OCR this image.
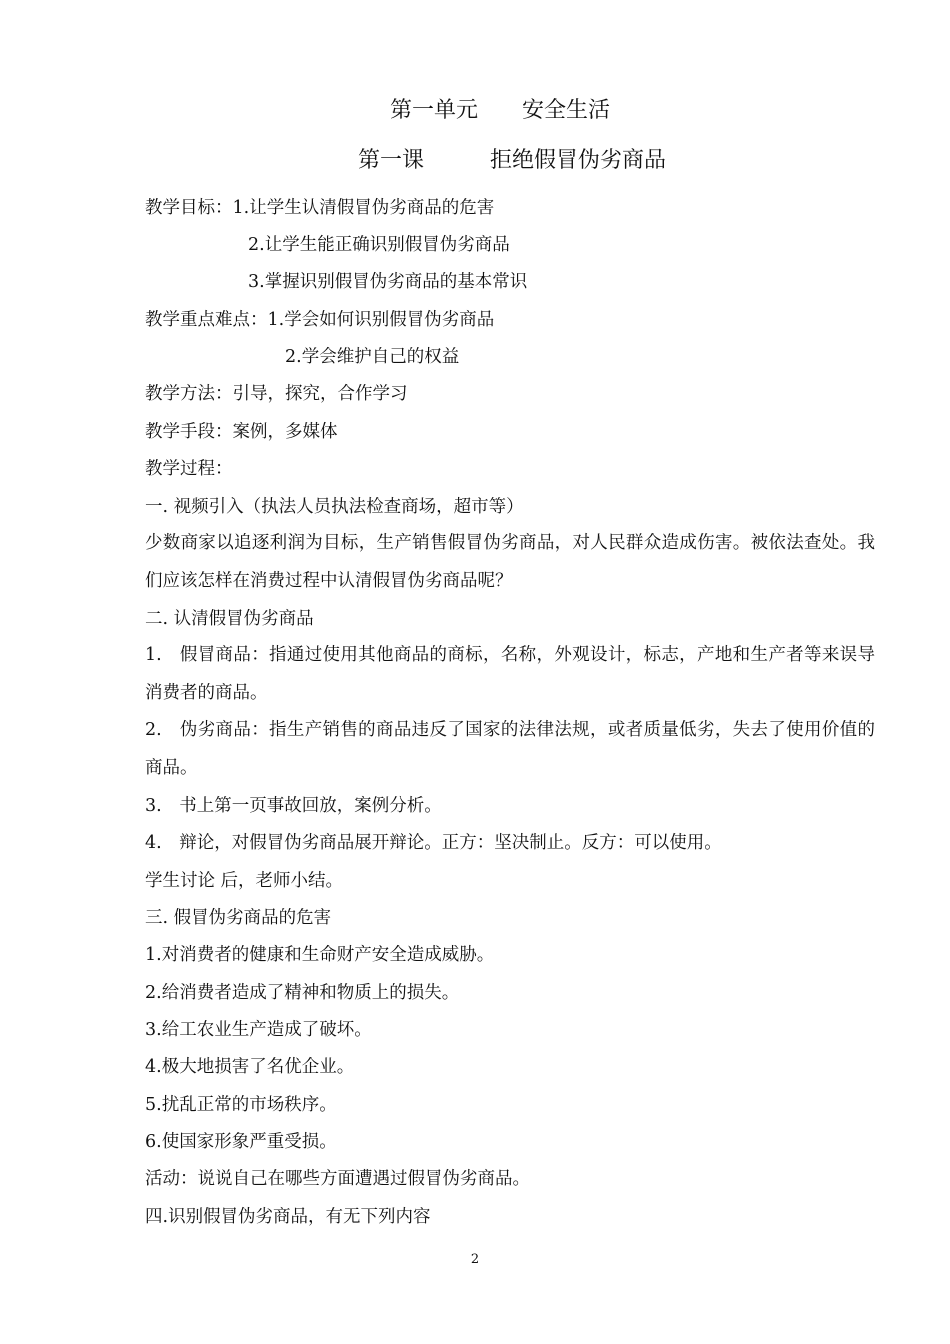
第一单元　　安全生活
第一课　　　拒绝假冒伪劣商品
教学目标：1.让学生认清假冒伪劣商品的危害
2.让学生能正确识别假冒伪劣商品
3.掌握识别假冒伪劣商品的基本常识
教学重点难点：1.学会如何识别假冒伪劣商品
2.学会维护自己的权益
教学方法：引导，探究，合作学习
教学手段：案例，多媒体
教学过程：
一. 视频引入（执法人员执法检查商场，超市等）
少数商家以追逐利润为目标，生产销售假冒伪劣商品，对人民群众造成伤害。被依法查处。我们应该怎样在消费过程中认清假冒伪劣商品呢？
二. 认清假冒伪劣商品
1.　假冒商品：指通过使用其他商品的商标，名称，外观设计，标志，产地和生产者等来误导消费者的商品。
2.　伪劣商品：指生产销售的商品违反了国家的法律法规，或者质量低劣，失去了使用价值的商品。
3.　书上第一页事故回放，案例分析。
4.　辩论，对假冒伪劣商品展开辩论。正方：坚决制止。反方：可以使用。
学生讨论 后，老师小结。
三. 假冒伪劣商品的危害
1.对消费者的健康和生命财产安全造成威胁。
2.给消费者造成了精神和物质上的损失。
3.给工农业生产造成了破坏。
4.极大地损害了名优企业。
5.扰乱正常的市场秩序。
6.使国家形象严重受损。
活动：说说自己在哪些方面遭遇过假冒伪劣商品。
四.识别假冒伪劣商品，有无下列内容
2
